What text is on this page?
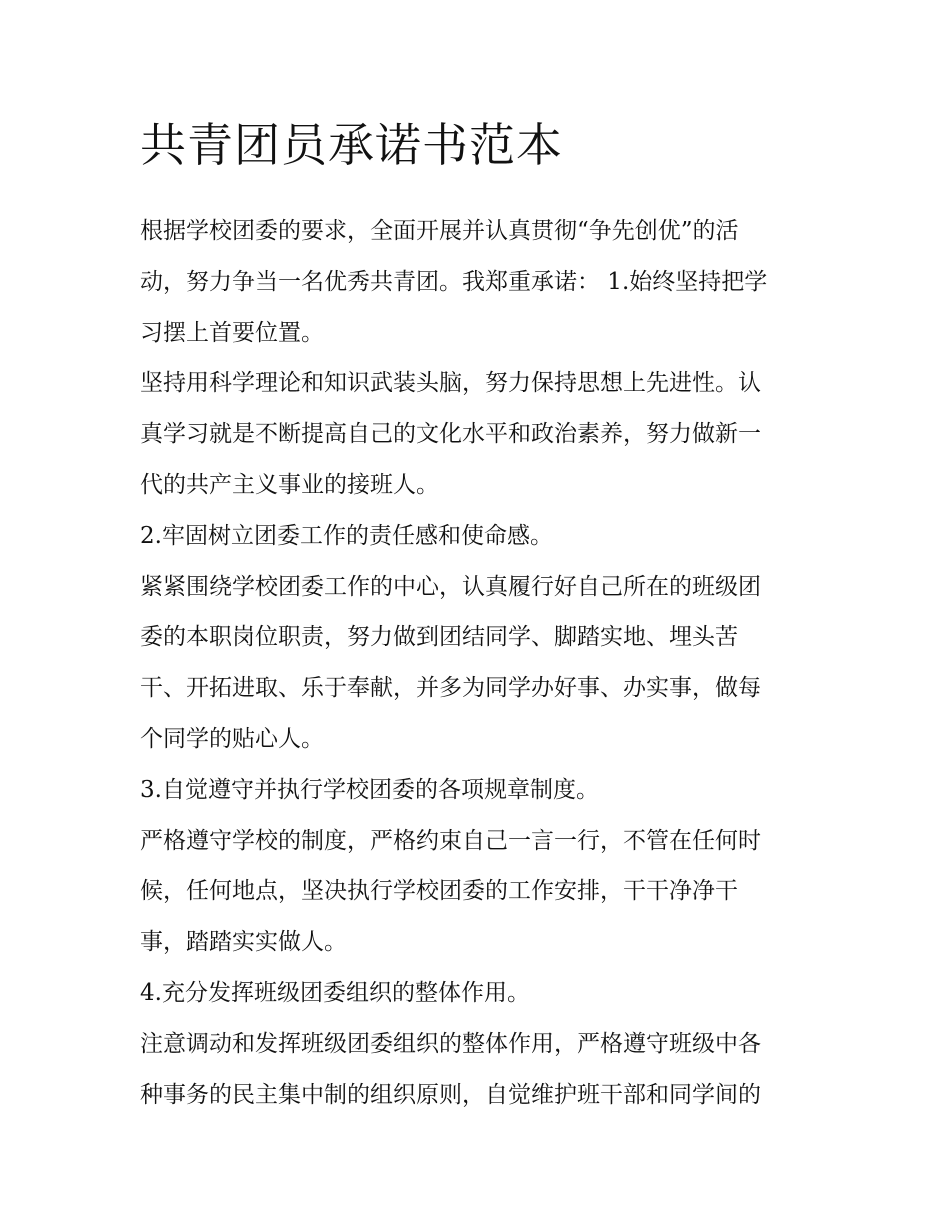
共青团员承诺书范本

根据学校团委的要求，全面开展并认真贯彻“争先创优”的活

动，努力争当一名优秀共青团。我郑重承诺： 1.始终坚持把学

习摆上首要位置。

坚持用科学理论和知识武装头脑，努力保持思想上先进性。认

真学习就是不断提高自己的文化水平和政治素养，努力做新一

代的共产主义事业的接班人。

2.牢固树立团委工作的责任感和使命感。

紧紧围绕学校团委工作的中心，认真履行好自己所在的班级团

委的本职岗位职责，努力做到团结同学、脚踏实地、埋头苦

干、开拓进取、乐于奉献，并多为同学办好事、办实事，做每

个同学的贴心人。

3.自觉遵守并执行学校团委的各项规章制度。

严格遵守学校的制度，严格约束自己一言一行，不管在任何时

候，任何地点，坚决执行学校团委的工作安排，干干净净干

事，踏踏实实做人。

4.充分发挥班级团委组织的整体作用。

注意调动和发挥班级团委组织的整体作用，严格遵守班级中各

种事务的民主集中制的组织原则，自觉维护班干部和同学间的
